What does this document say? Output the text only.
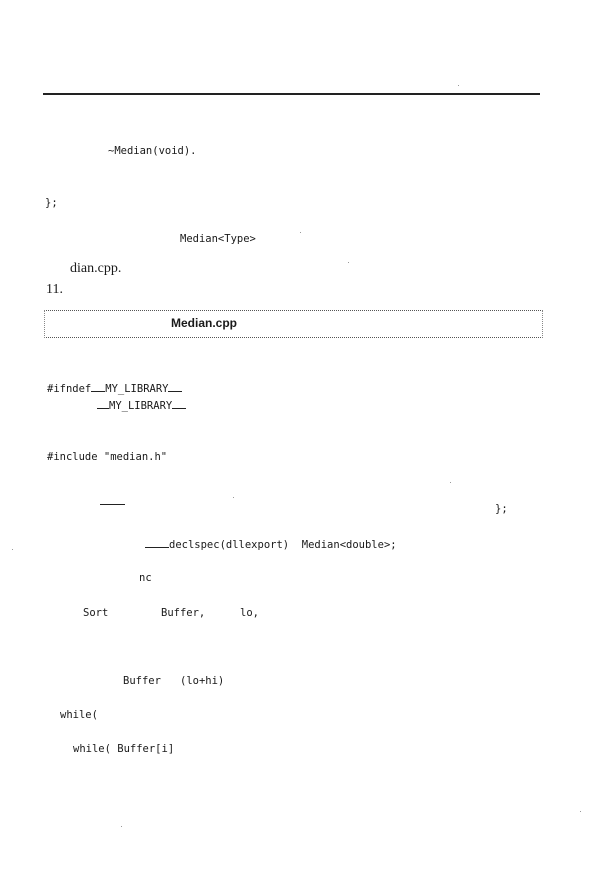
~Median(void).
};
Median<Type>
dian.cpp.
11.
Median.cpp
#ifndef MY_LIBRARY
MY_LIBRARY
#include "median.h"
};
declspec(dllexport) Median<double>;
nc
Sort	Buffer,	lo,
Buffer (lo+hi)
while(
while( Buffer[i]
